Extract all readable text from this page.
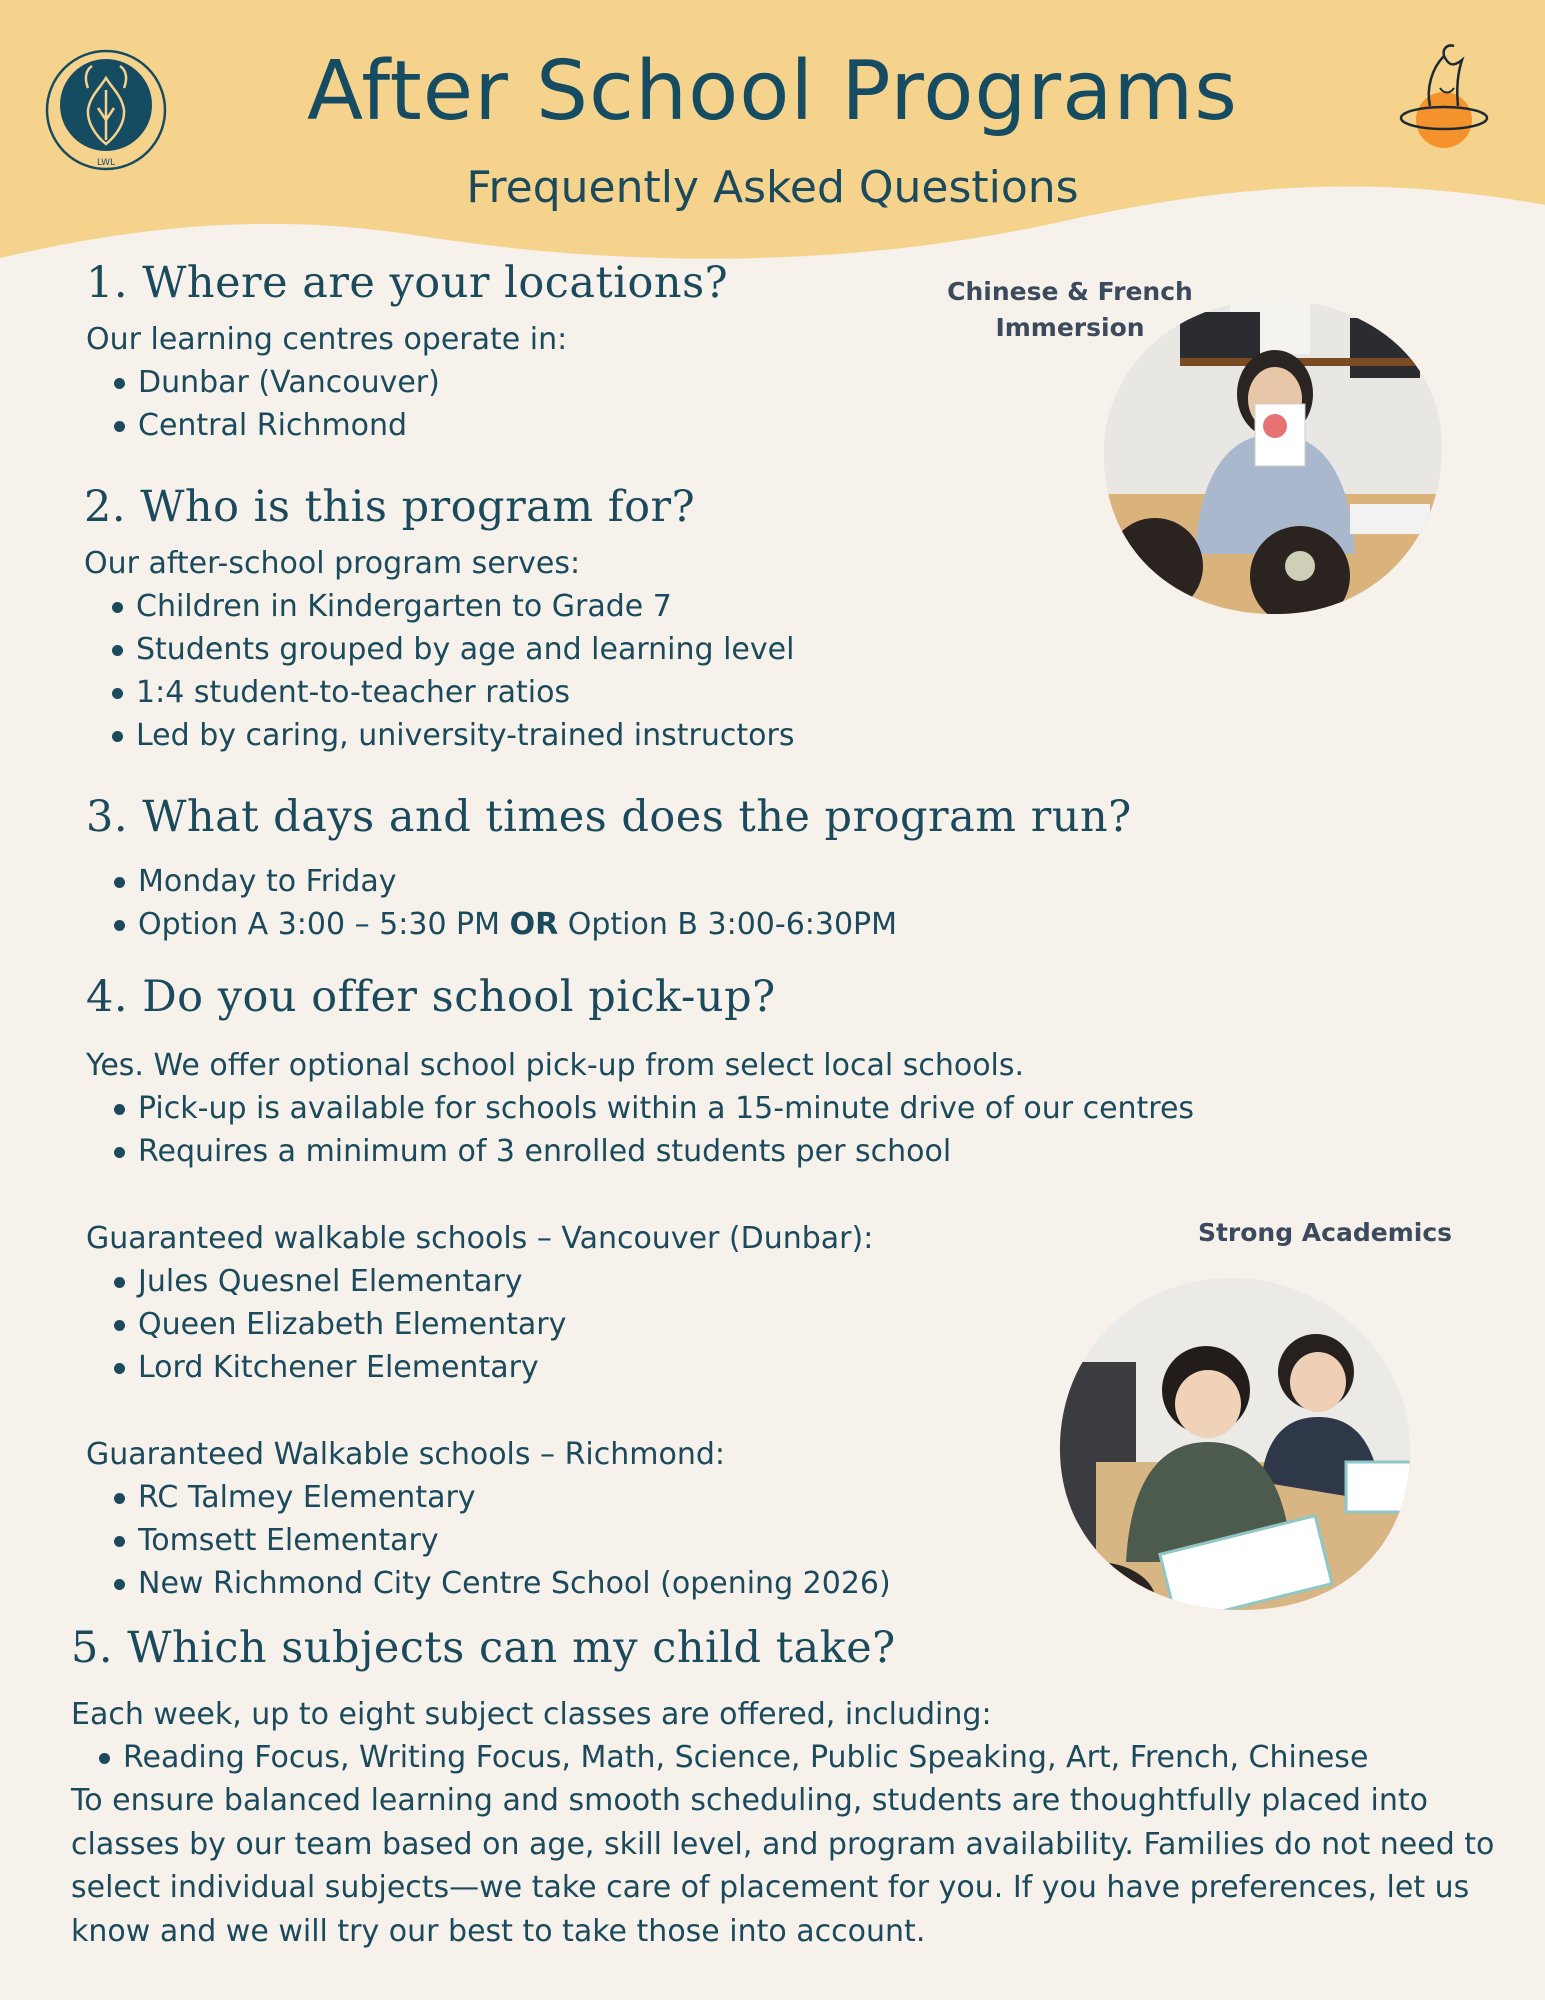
LWL
After School Programs
Frequently Asked Questions
Chinese & French
Immersion
1. Where are your locations?
Our learning centres operate in:
Dunbar (Vancouver)
Central Richmond
2. Who is this program for?
Our after-school program serves:
Children in Kindergarten to Grade 7
Students grouped by age and learning level
1:4 student-to-teacher ratios
Led by caring, university-trained instructors
3. What days and times does the program run?
Monday to Friday
Option A 3:00 – 5:30 PM OR Option B 3:00-6:30PM
4. Do you offer school pick-up?
Yes. We offer optional school pick-up from select local schools.
Pick-up is available for schools within a 15-minute drive of our centres
Requires a minimum of 3 enrolled students per school
Guaranteed walkable schools – Vancouver (Dunbar):
Jules Quesnel Elementary
Queen Elizabeth Elementary
Lord Kitchener Elementary
Guaranteed Walkable schools – Richmond:
RC Talmey Elementary
Tomsett Elementary
New Richmond City Centre School (opening 2026)
Strong Academics
5. Which subjects can my child take?
Each week, up to eight subject classes are offered, including:
Reading Focus, Writing Focus, Math, Science, Public Speaking, Art, French, Chinese

To ensure balanced learning and smooth scheduling, students are thoughtfully placed into classes by our team based on age, skill level, and program availability. Families do not need to select individual subjects—we take care of placement for you. If you have preferences, let us know and we will try our best to take those into account.
